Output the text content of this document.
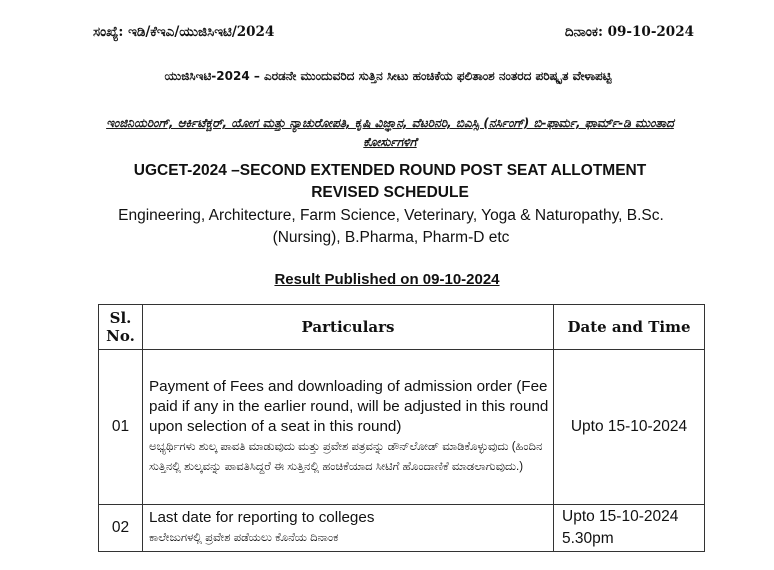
ಸಂಖ್ಯೆ: ಇಡಿ/ಕೆಇಎ/ಯುಜಿಸಿಇಟಿ/2024	ದಿನಾಂಕ: 09-10-2024
ಯುಜಿಸಿಇಟಿ-2024 – ಎರಡನೇ ಮುಂದುವರಿದ ಸುತ್ತಿನ ಸೀಟು ಹಂಚಿಕೆಯ ಫಲಿತಾಂಶ ನಂತರದ ಪರಿಷ್ಕೃತ ವೇಳಾಪಟ್ಟಿ
ಇಂಜಿನಿಯರಿಂಗ್, ಆರ್ಕಿಟೆಕ್ಚರ್, ಯೋಗ ಮತ್ತು ನ್ಯಾಚುರೋಪತಿ, ಕೃಷಿ ವಿಜ್ಞಾನ, ವೆಟರಿನರಿ, ಬಿಎಸ್ಸಿ (ನರ್ಸಿಂಗ್) ಬಿ-ಫಾರ್ಮ, ಫಾರ್ಮ್-ಡಿ ಮುಂತಾದ ಕೋರ್ಸುಗಳಿಗೆ
UGCET-2024 –SECOND EXTENDED ROUND POST SEAT ALLOTMENT REVISED SCHEDULE
Engineering, Architecture, Farm Science, Veterinary, Yoga & Naturopathy, B.Sc. (Nursing), B.Pharma, Pharm-D etc
Result Published on 09-10-2024
Sl. No.	Particulars	Date and Time
01	Payment of Fees and downloading of admission order (Fee paid if any in the earlier round, will be adjusted in this round upon selection of a seat in this round)
ಅಭ್ಯರ್ಥಿಗಳು ಶುಲ್ಕ ಪಾವತಿ ಮಾಡುವುದು ಮತ್ತು ಪ್ರವೇಶ ಪತ್ರವನ್ನು ಡೌನ್‌ಲೋಡ್ ಮಾಡಿಕೊಳ್ಳುವುದು (ಹಿಂದಿನ ಸುತ್ತಿನಲ್ಲಿ ಶುಲ್ಕವನ್ನು ಪಾವತಿಸಿದ್ದರೆ ಈ ಸುತ್ತಿನಲ್ಲಿ ಹಂಚಿಕೆಯಾದ ಸೀಟಿಗೆ ಹೊಂದಾಣಿಕೆ ಮಾಡಲಾಗುವುದು.)	Upto 15-10-2024
02	Last date for reporting to colleges
ಕಾಲೇಜುಗಳಲ್ಲಿ ಪ್ರವೇಶ ಪಡೆಯಲು ಕೊನೆಯ ದಿನಾಂಕ	Upto 15-10-2024
5.30pm
